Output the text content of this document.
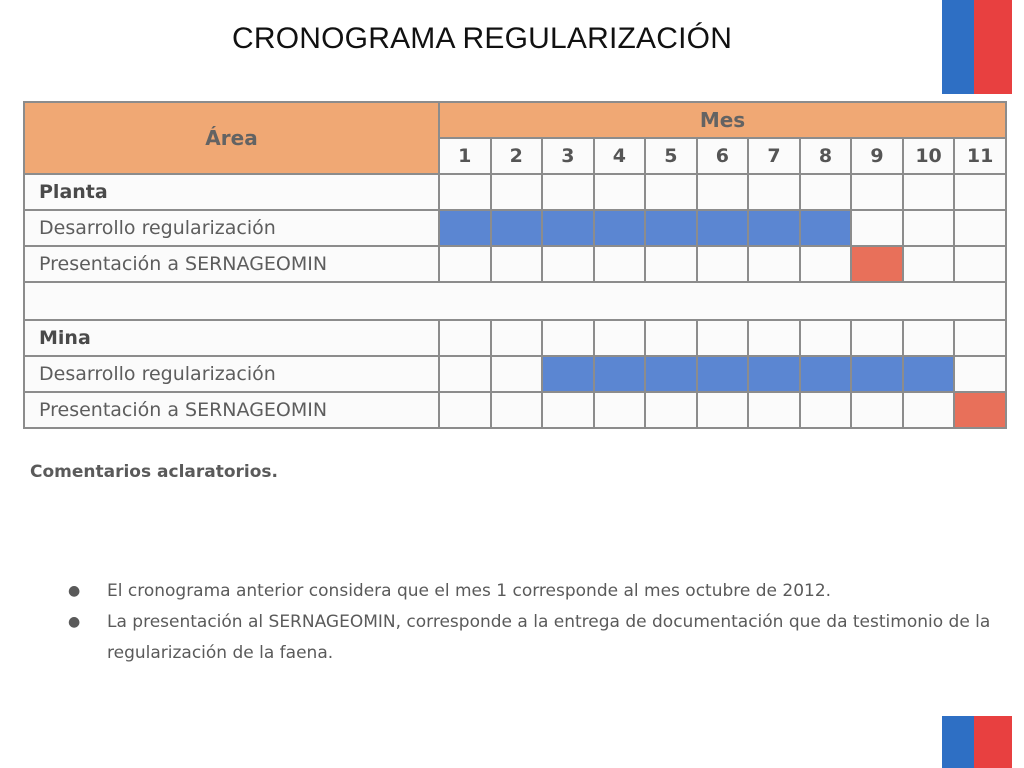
CRONOGRAMA REGULARIZACIÓN
Área	Mes										
	1	2	3	4	5	6	7	8	9	10	11
Planta											
Desarrollo regularización											
Presentación a SERNAGEOMIN											

Mina											
Desarrollo regularización											
Presentación a SERNAGEOMIN											
Comentarios aclaratorios.
● El cronograma anterior considera que el mes 1 corresponde al mes octubre de 2012.
● La presentación al SERNAGEOMIN, corresponde a la entrega de documentación que da testimonio de la regularización de la faena.
